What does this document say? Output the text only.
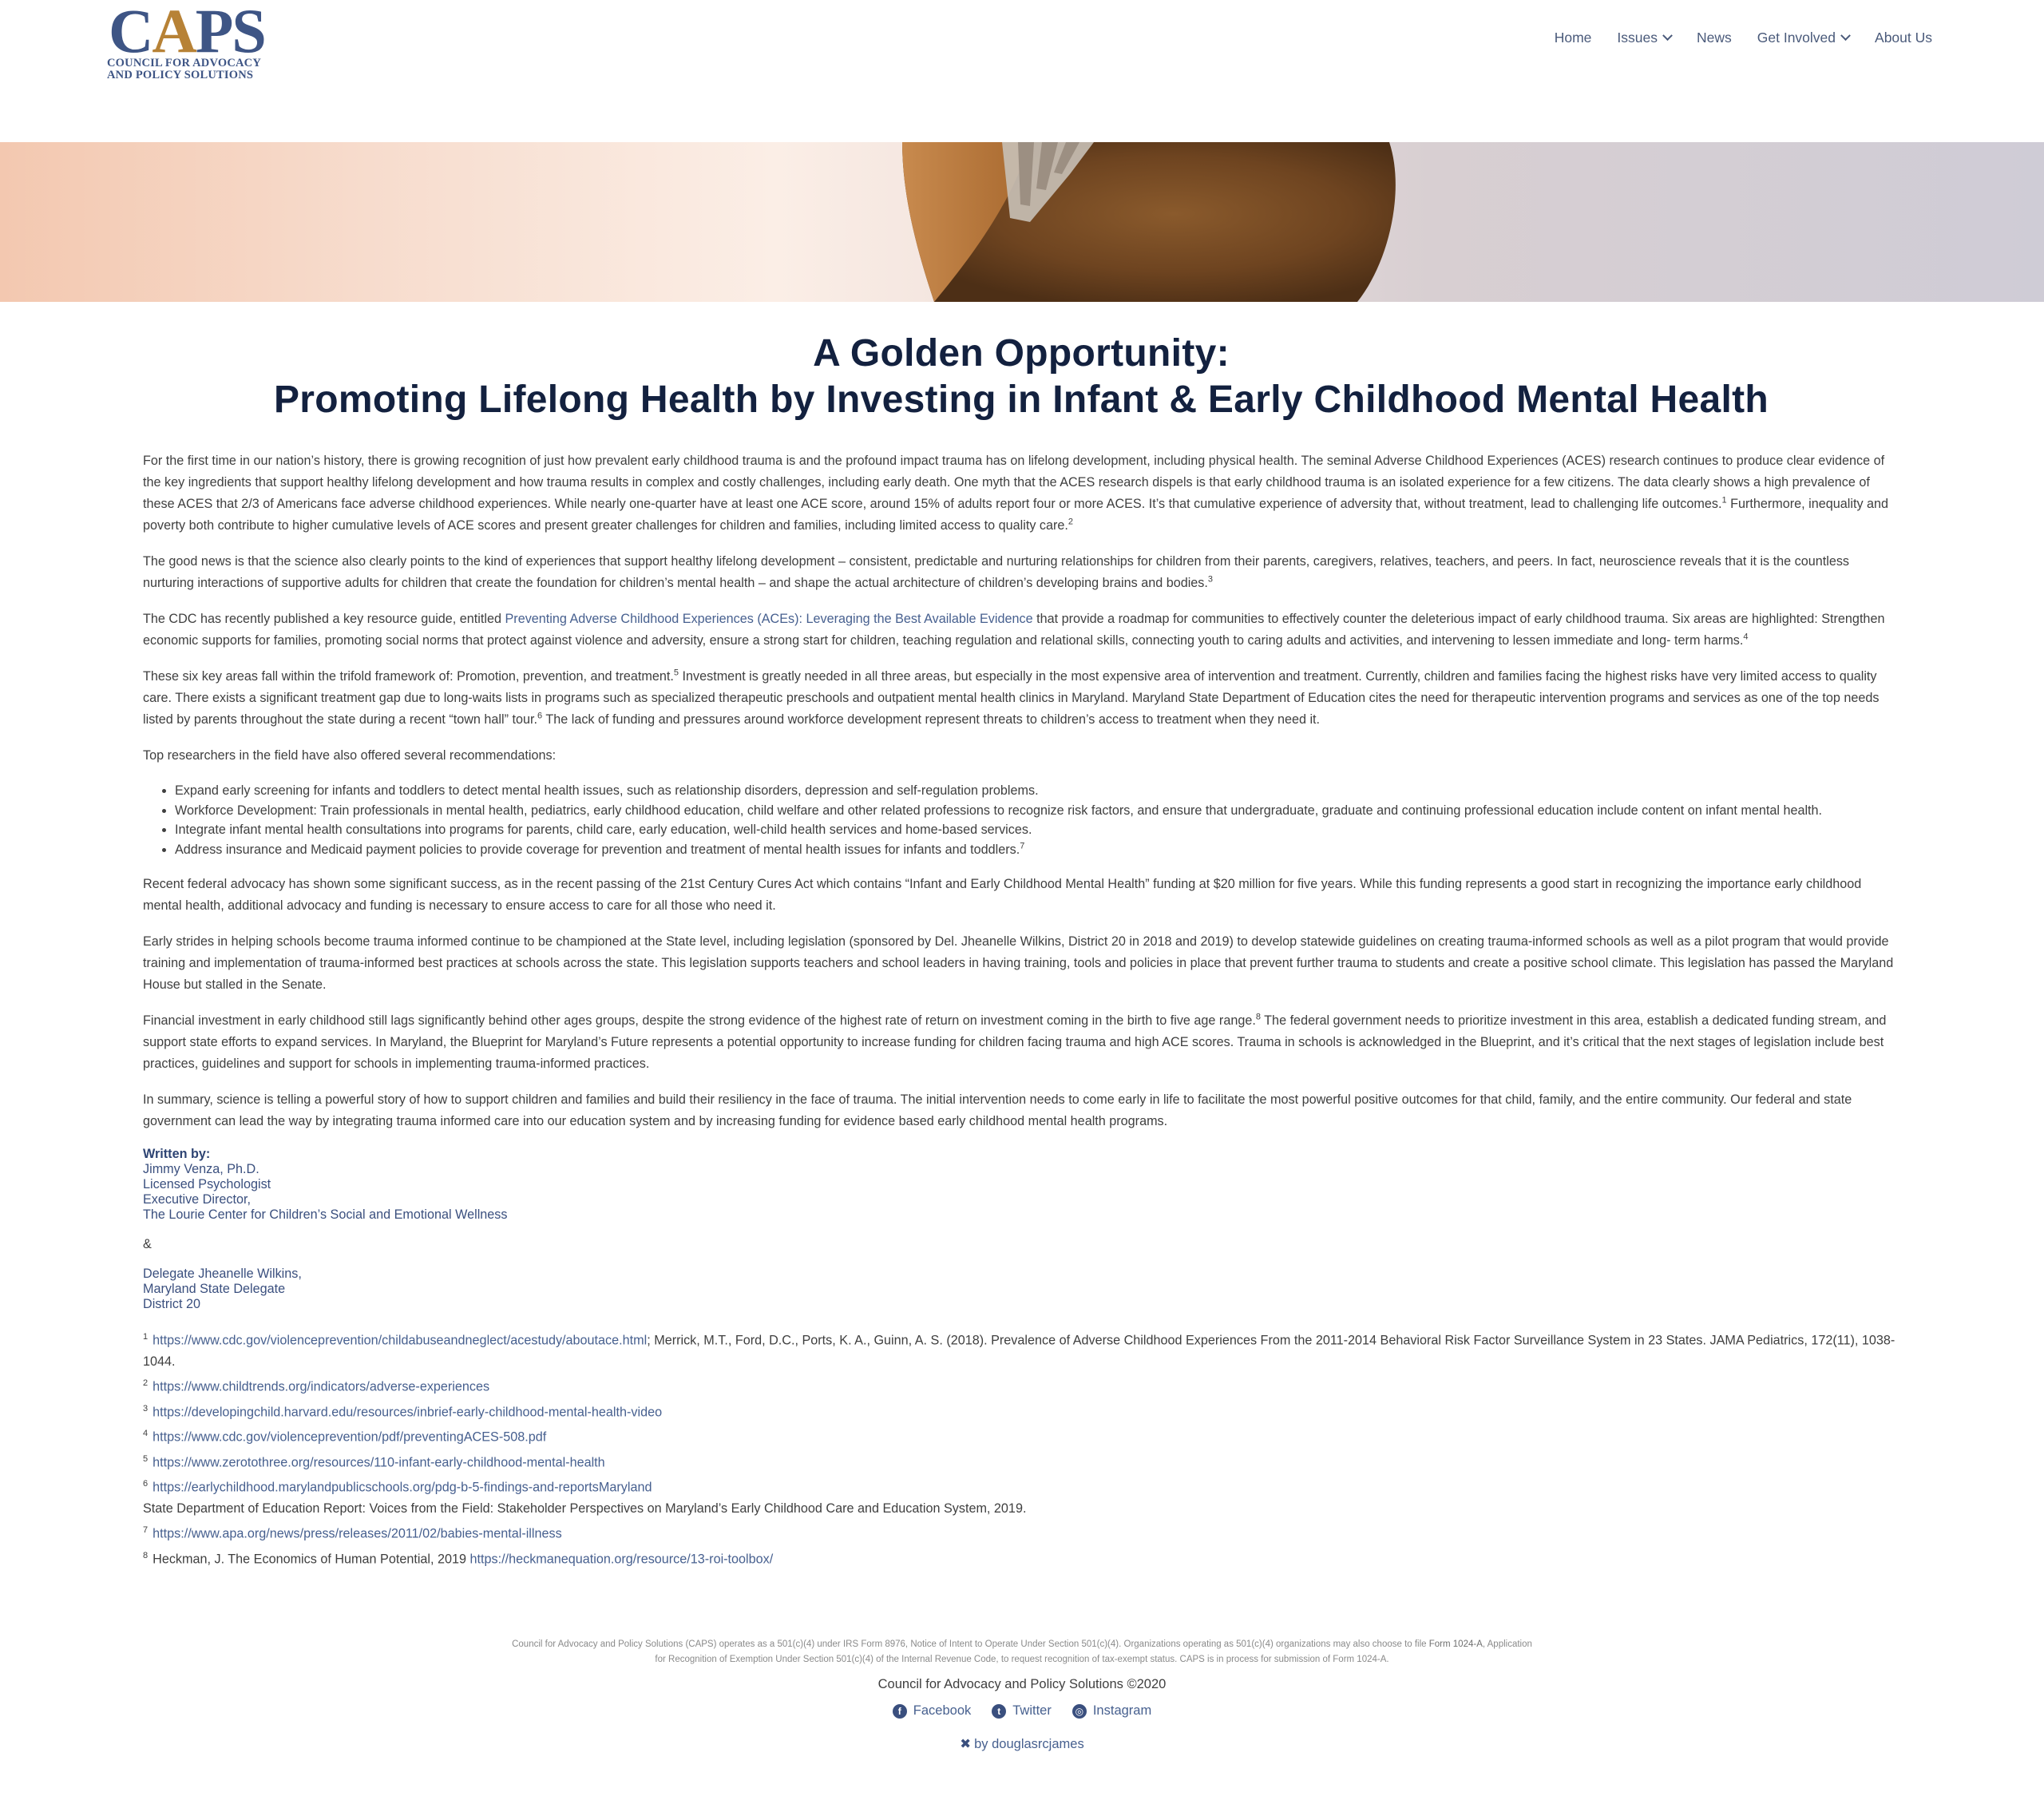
CAPS
COUNCIL FOR ADVOCACY
AND POLICY SOLUTIONS
Home Issues	News Get Involved	About Us
A Golden Opportunity:
Promoting Lifelong Health by Investing in Infant & Early Childhood Mental Health

For the first time in our nation’s history, there is growing recognition of just how prevalent early childhood trauma is and the profound impact trauma has on lifelong development, including physical health. The seminal Adverse Childhood Experiences (ACES) research continues to produce clear evidence of the key ingredients that support healthy lifelong development and how trauma results in complex and costly challenges, including early death. One myth that the ACES research dispels is that early childhood trauma is an isolated experience for a few citizens. The data clearly shows a high prevalence of these ACES that 2/3 of Americans face adverse childhood experiences. While nearly one-quarter have at least one ACE score, around 15% of adults report four or more ACES. It’s that cumulative experience of adversity that, without treatment, lead to challenging life outcomes.$^1$ Furthermore, inequality and poverty both contribute to higher cumulative levels of ACE scores and present greater challenges for children and families, including limited access to quality care.$^2$

The good news is that the science also clearly points to the kind of experiences that support healthy lifelong development – consistent, predictable and nurturing relationships for children from their parents, caregivers, relatives, teachers, and peers. In fact, neuroscience reveals that it is the countless nurturing interactions of supportive adults for children that create the foundation for children’s mental health – and shape the actual architecture of children’s developing brains and bodies.$^3$

The CDC has recently published a key resource guide, entitled Preventing Adverse Childhood Experiences (ACEs): Leveraging the Best Available Evidence that provide a roadmap for communities to effectively counter the deleterious impact of early childhood trauma. Six areas are highlighted: Strengthen economic supports for families, promoting social norms that protect against violence and adversity, ensure a strong start for children, teaching regulation and relational skills, connecting youth to caring adults and activities, and intervening to lessen immediate and long- term harms.$^4$

These six key areas fall within the trifold framework of: Promotion, prevention, and treatment.$^5$ Investment is greatly needed in all three areas, but especially in the most expensive area of intervention and treatment. Currently, children and families facing the highest risks have very limited access to quality care. There exists a significant treatment gap due to long-waits lists in programs such as specialized therapeutic preschools and outpatient mental health clinics in Maryland. Maryland State Department of Education cites the need for therapeutic intervention programs and services as one of the top needs listed by parents throughout the state during a recent “town hall” tour.$^6$ The lack of funding and pressures around workforce development represent threats to children’s access to treatment when they need it.

Top researchers in the field have also offered several recommendations:

• Expand early screening for infants and toddlers to detect mental health issues, such as relationship disorders, depression and self-regulation problems.
• Workforce Development: Train professionals in mental health, pediatrics, early childhood education, child welfare and other related professions to recognize risk factors, and ensure that undergraduate, graduate and continuing professional education include content on infant mental health.
• Integrate infant mental health consultations into programs for parents, child care, early education, well-child health services and home-based services.
• Address insurance and Medicaid payment policies to provide coverage for prevention and treatment of mental health issues for infants and toddlers.$^7$

Recent federal advocacy has shown some significant success, as in the recent passing of the 21st Century Cures Act which contains “Infant and Early Childhood Mental Health” funding at $20 million for five years. While this funding represents a good start in recognizing the importance early childhood mental health, additional advocacy and funding is necessary to ensure access to care for all those who need it.

Early strides in helping schools become trauma informed continue to be championed at the State level, including legislation (sponsored by Del. Jheanelle Wilkins, District 20 in 2018 and 2019) to develop statewide guidelines on creating trauma-informed schools as well as a pilot program that would provide training and implementation of trauma-informed best practices at schools across the state. This legislation supports teachers and school leaders in having training, tools and policies in place that prevent further trauma to students and create a positive school climate. This legislation has passed the Maryland House but stalled in the Senate.

Financial investment in early childhood still lags significantly behind other ages groups, despite the strong evidence of the highest rate of return on investment coming in the birth to five age range.$^8$ The federal government needs to prioritize investment in this area, establish a dedicated funding stream, and support state efforts to expand services. In Maryland, the Blueprint for Maryland’s Future represents a potential opportunity to increase funding for children facing trauma and high ACE scores. Trauma in schools is acknowledged in the Blueprint, and it’s critical that the next stages of legislation include best practices, guidelines and support for schools in implementing trauma-informed practices.

In summary, science is telling a powerful story of how to support children and families and build their resiliency in the face of trauma. The initial intervention needs to come early in life to facilitate the most powerful positive outcomes for that child, family, and the entire community. Our federal and state government can lead the way by integrating trauma informed care into our education system and by increasing funding for evidence based early childhood mental health programs.

Written by:
Jimmy Venza, Ph.D.
Licensed Psychologist
Executive Director,
The Lourie Center for Children’s Social and Emotional Wellness
&
Delegate Jheanelle Wilkins,
Maryland State Delegate
District 20
$^1$ https://www.cdc.gov/violenceprevention/childabuseandneglect/acestudy/aboutace.html; Merrick, M.T., Ford, D.C., Ports, K. A., Guinn, A. S. (2018). Prevalence of Adverse Childhood Experiences From the 2011-2014 Behavioral Risk Factor Surveillance System in 23 States. JAMA Pediatrics, 172(11), 1038-1044.
$^2$ https://www.childtrends.org/indicators/adverse-experiences
$^3$ https://developingchild.harvard.edu/resources/inbrief-early-childhood-mental-health-video
$^4$ https://www.cdc.gov/violenceprevention/pdf/preventingACES-508.pdf
$^5$ https://www.zerotothree.org/resources/110-infant-early-childhood-mental-health
$^6$ https://earlychildhood.marylandpublicschools.org/pdg-b-5-findings-and-reportsMaryland
State Department of Education Report: Voices from the Field: Stakeholder Perspectives on Maryland’s Early Childhood Care and Education System, 2019.
$^7$ https://www.apa.org/news/press/releases/2011/02/babies-mental-illness
$^8$ Heckman, J. The Economics of Human Potential, 2019 https://heckmanequation.org/resource/13-roi-toolbox/
Council for Advocacy and Policy Solutions (CAPS) operates as a 501(c)(4) under IRS Form 8976, Notice of Intent to Operate Under Section 501(c)(4). Organizations operating as 501(c)(4) organizations may also choose to file Form 1024-A, Application for Recognition of Exemption Under Section 501(c)(4) of the Internal Revenue Code, to request recognition of tax-exempt status. CAPS is in process for submission of Form 1024-A.
Council for Advocacy and Policy Solutions ©2020
f Facebook	t Twitter	◎ Instagram
✖ by douglasrcjames
